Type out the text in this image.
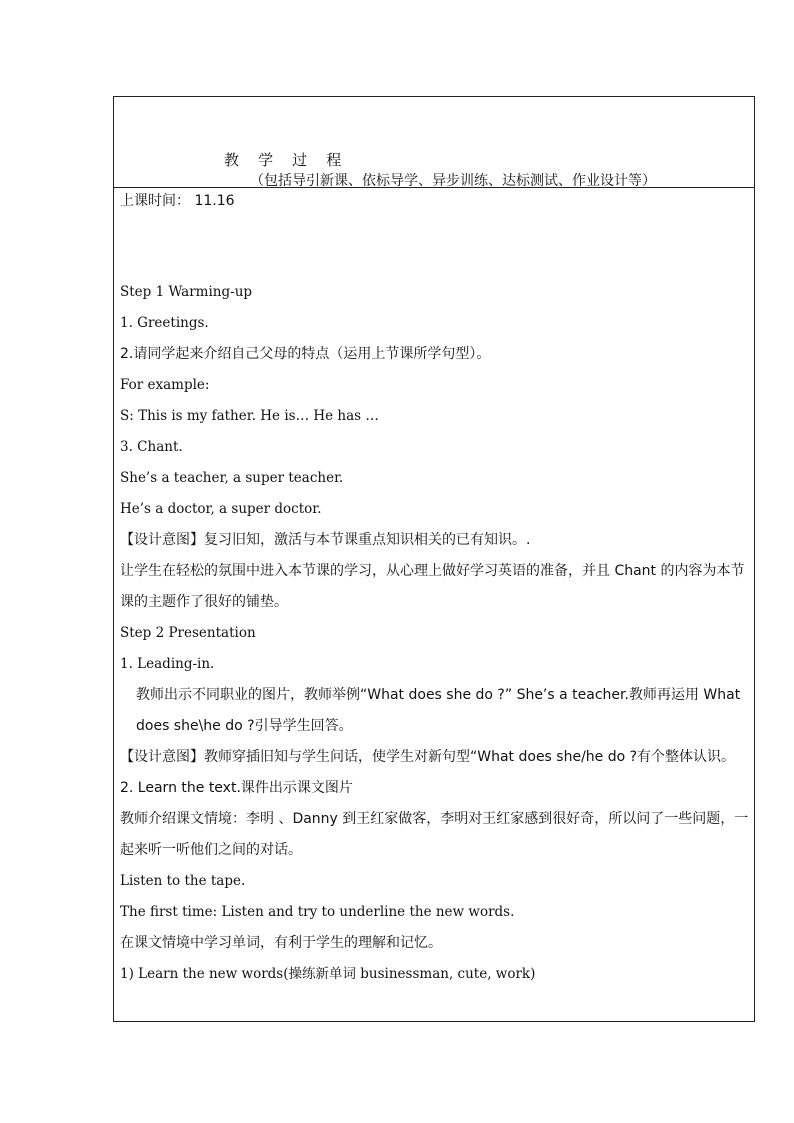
教    学    过    程
（包括导引新课、依标导学、异步训练、达标测试、作业设计等）
上课时间： 11.16
Step 1 Warming-up
1. Greetings.
2.请同学起来介绍自己父母的特点（运用上节课所学句型）。
For example:
S: This is my father. He is… He has …
3. Chant.
She’s a teacher, a super teacher.
He’s a doctor, a super doctor.
【设计意图】复习旧知，激活与本节课重点知识相关的已有知识。.
让学生在轻松的氛围中进入本节课的学习，从心理上做好学习英语的准备，并且 Chant 的内容为本节课的主题作了很好的铺垫。
Step 2 Presentation
1. Leading-in.
教师出示不同职业的图片，教师举例“What does she do ?” She’s a teacher.教师再运用 What does she\he do ?引导学生回答。
【设计意图】教师穿插旧知与学生问话，使学生对新句型“What does she/he do ?有个整体认识。
2. Learn the text.课件出示课文图片
教师介绍课文情境：李明 、Danny 到王红家做客，李明对王红家感到很好奇，所以问了一些问题，一起来听一听他们之间的对话。
Listen to the tape.
The first time: Listen and try to underline the new words.
在课文情境中学习单词，有利于学生的理解和记忆。
1) Learn the new words(操练新单词 businessman, cute, work)
